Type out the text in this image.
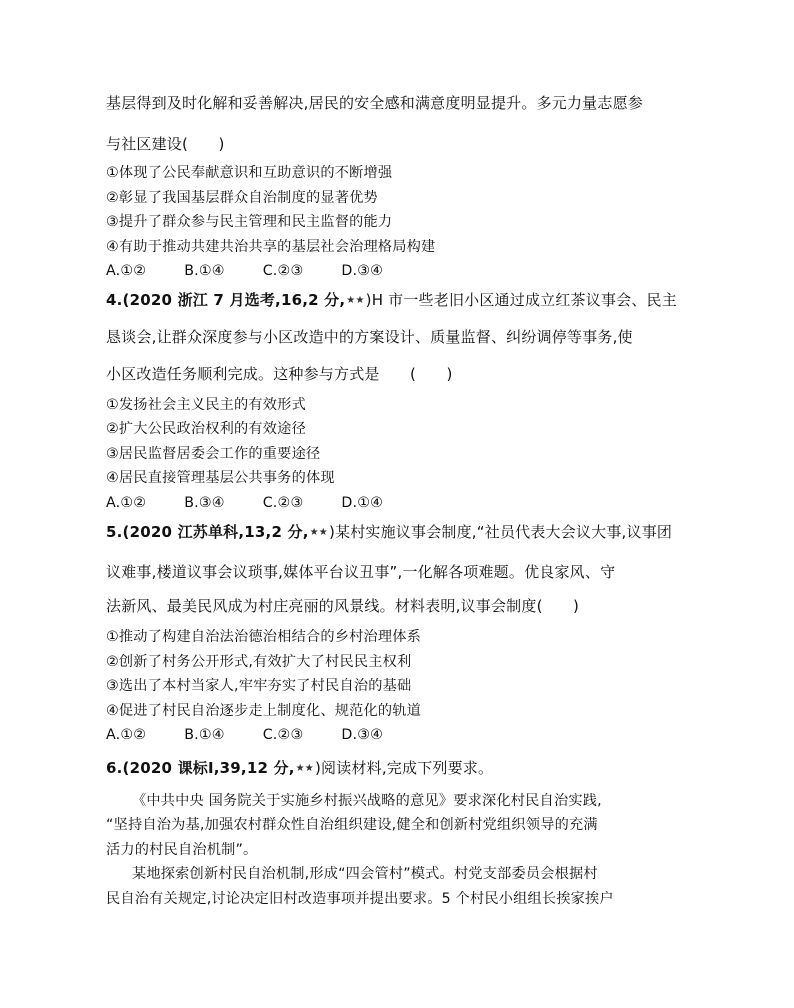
基层得到及时化解和妥善解决,居民的安全感和满意度明显提升。多元力量志愿参
与社区建设(　　)
①体现了公民奉献意识和互助意识的不断增强
②彰显了我国基层群众自治制度的显著优势
③提升了群众参与民主管理和民主监督的能力
④有助于推动共建共治共享的基层社会治理格局构建
A.①②	B.①④	C.②③	D.③④
4.(2020 浙江 7 月选考,16,2 分,★★)H 市一些老旧小区通过成立红茶议事会、民主
恳谈会,让群众深度参与小区改造中的方案设计、质量监督、纠纷调停等事务,使
小区改造任务顺利完成。这种参与方式是　　(　　)
①发扬社会主义民主的有效形式
②扩大公民政治权利的有效途径
③居民监督居委会工作的重要途径
④居民直接管理基层公共事务的体现
A.①②	B.③④	C.②③	D.①④
5.(2020 江苏单科,13,2 分,★★)某村实施议事会制度,“社员代表大会议大事,议事团
议难事,楼道议事会议琐事,媒体平台议丑事”,一化解各项难题。优良家风、守
法新风、最美民风成为村庄亮丽的风景线。材料表明,议事会制度(　　)
①推动了构建自治法治德治相结合的乡村治理体系
②创新了村务公开形式,有效扩大了村民民主权利
③选出了本村当家人,牢牢夯实了村民自治的基础
④促进了村民自治逐步走上制度化、规范化的轨道
A.①②	B.①④	C.②③	D.③④
6.(2020 课标Ⅰ,39,12 分,★★)阅读材料,完成下列要求。
《中共中央 国务院关于实施乡村振兴战略的意见》要求深化村民自治实践,
“坚持自治为基,加强农村群众性自治组织建设,健全和创新村党组织领导的充满
活力的村民自治机制”。
某地探索创新村民自治机制,形成“四会管村”模式。村党支部委员会根据村
民自治有关规定,讨论决定旧村改造事项并提出要求。5 个村民小组组长挨家挨户
